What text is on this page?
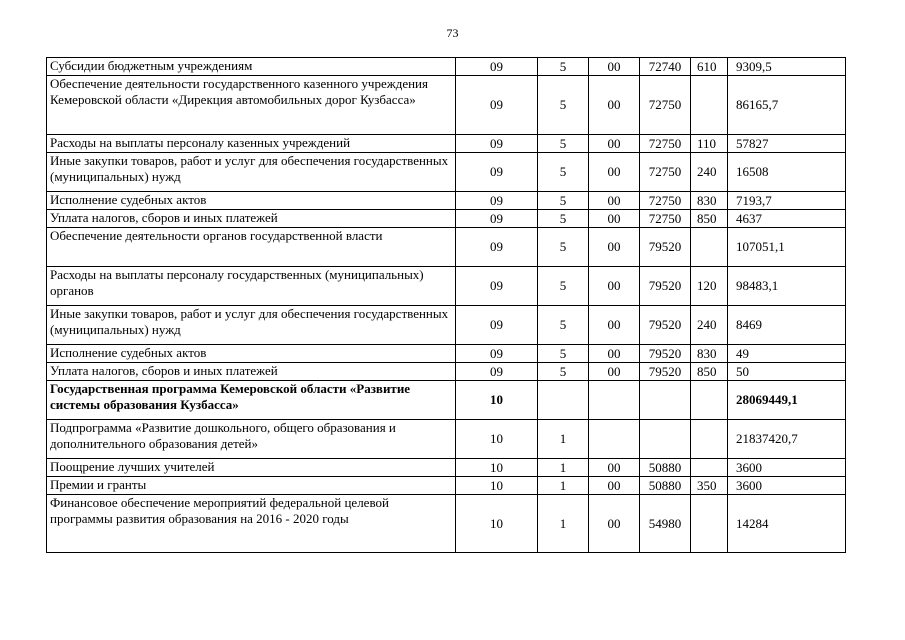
73
Субсидии бюджетным учреждениям	09	5	00	72740	610	9309,5
Обеспечение деятельности государственного казенного учреждения Кемеровской области «Дирекция автомобильных дорог Кузбасса»	09	5	00	72750		86165,7
Расходы на выплаты персоналу казенных учреждений	09	5	00	72750	110	57827
Иные закупки товаров, работ и услуг для обеспечения государственных (муниципальных) нужд	09	5	00	72750	240	16508
Исполнение судебных актов	09	5	00	72750	830	7193,7
Уплата налогов, сборов и иных платежей	09	5	00	72750	850	4637
Обеспечение деятельности органов государственной власти	09	5	00	79520		107051,1
Расходы на выплаты персоналу государственных (муниципальных) органов	09	5	00	79520	120	98483,1
Иные закупки товаров, работ и услуг для обеспечения государственных (муниципальных) нужд	09	5	00	79520	240	8469
Исполнение судебных актов	09	5	00	79520	830	49
Уплата налогов, сборов и иных платежей	09	5	00	79520	850	50
Государственная программа Кемеровской области «Развитие системы образования Кузбасса»	10					28069449,1
Подпрограмма «Развитие дошкольного, общего образования и дополнительного образования детей»	10	1				21837420,7
Поощрение лучших учителей	10	1	00	50880		3600
Премии и гранты	10	1	00	50880	350	3600
Финансовое обеспечение мероприятий федеральной целевой программы развития образования на 2016 - 2020 годы	10	1	00	54980		14284
